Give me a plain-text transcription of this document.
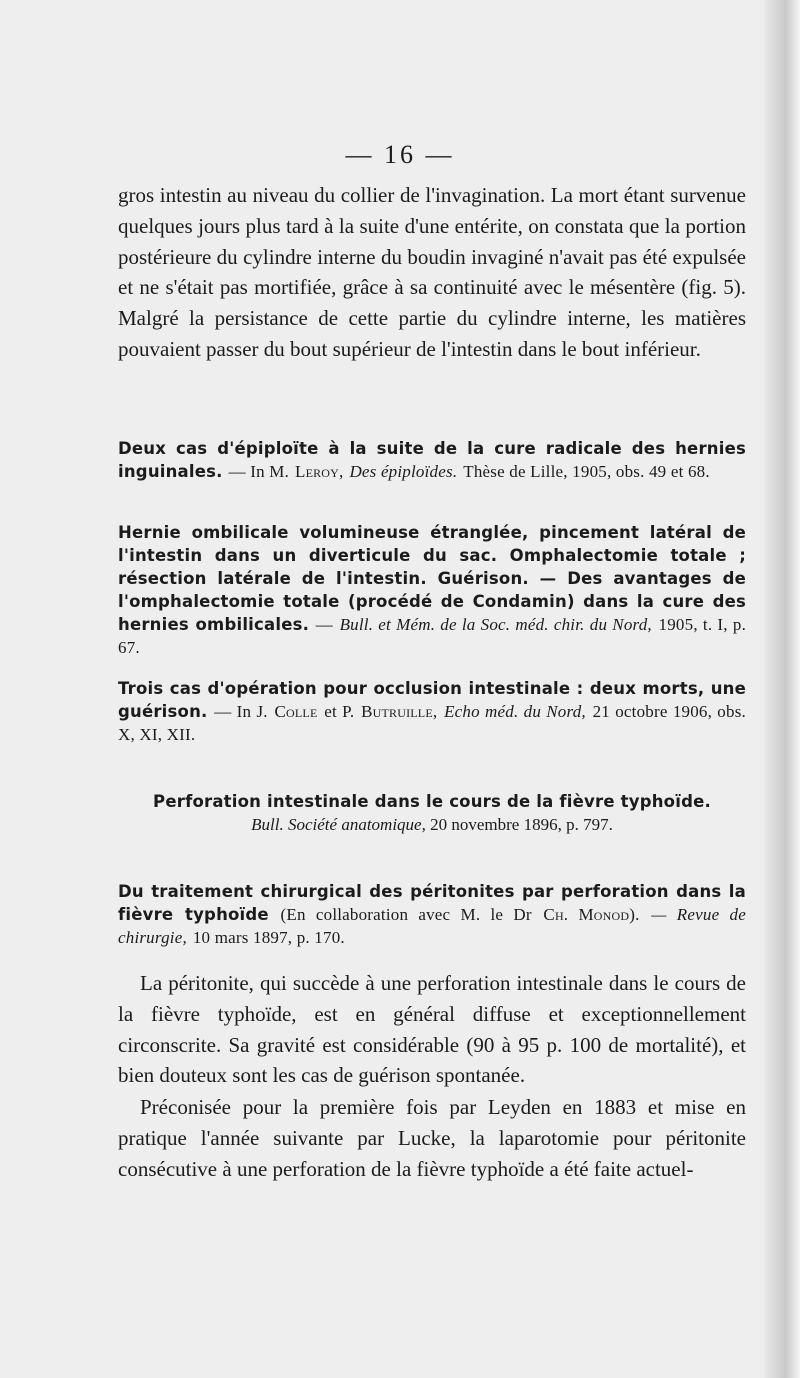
— 16 —

gros intestin au niveau du collier de l'invagination. La mort étant survenue quelques jours plus tard à la suite d'une entérite, on constata que la portion postérieure du cylindre interne du boudin invaginé n'avait pas été expulsée et ne s'était pas mortifiée, grâce à sa continuité avec le mésentère (fig. 5). Malgré la persistance de cette partie du cylindre interne, les matières pouvaient passer du bout supérieur de l'intestin dans le bout inférieur.

Deux cas d'épiploïte à la suite de la cure radicale des hernies inguinales. — In M. Leroy, Des épiploïdes. Thèse de Lille, 1905, obs. 49 et 68.

Hernie ombilicale volumineuse étranglée, pincement latéral de l'intestin dans un diverticule du sac. Omphalectomie totale ; résection latérale de l'intestin. Guérison. — Des avantages de l'omphalectomie totale (procédé de Condamin) dans la cure des hernies ombilicales. — Bull. et Mém. de la Soc. méd. chir. du Nord, 1905, t. I, p. 67.

Trois cas d'opération pour occlusion intestinale : deux morts, une guérison. — In J. Colle et P. Butruille, Echo méd. du Nord, 21 octobre 1906, obs. X, XI, XII.

Perforation intestinale dans le cours de la fièvre typhoïde.

Bull. Société anatomique, 20 novembre 1896, p. 797.

Du traitement chirurgical des péritonites par perforation dans la fièvre typhoïde (En collaboration avec M. le Dr Ch. Monod). — Revue de chirurgie, 10 mars 1897, p. 170.

La péritonite, qui succède à une perforation intestinale dans le cours de la fièvre typhoïde, est en général diffuse et exceptionnellement circonscrite. Sa gravité est considérable (90 à 95 p. 100 de mortalité), et bien douteux sont les cas de guérison spontanée.

Préconisée pour la première fois par Leyden en 1883 et mise en pratique l'année suivante par Lucke, la laparotomie pour péritonite consécutive à une perforation de la fièvre typhoïde a été faite actuel-
